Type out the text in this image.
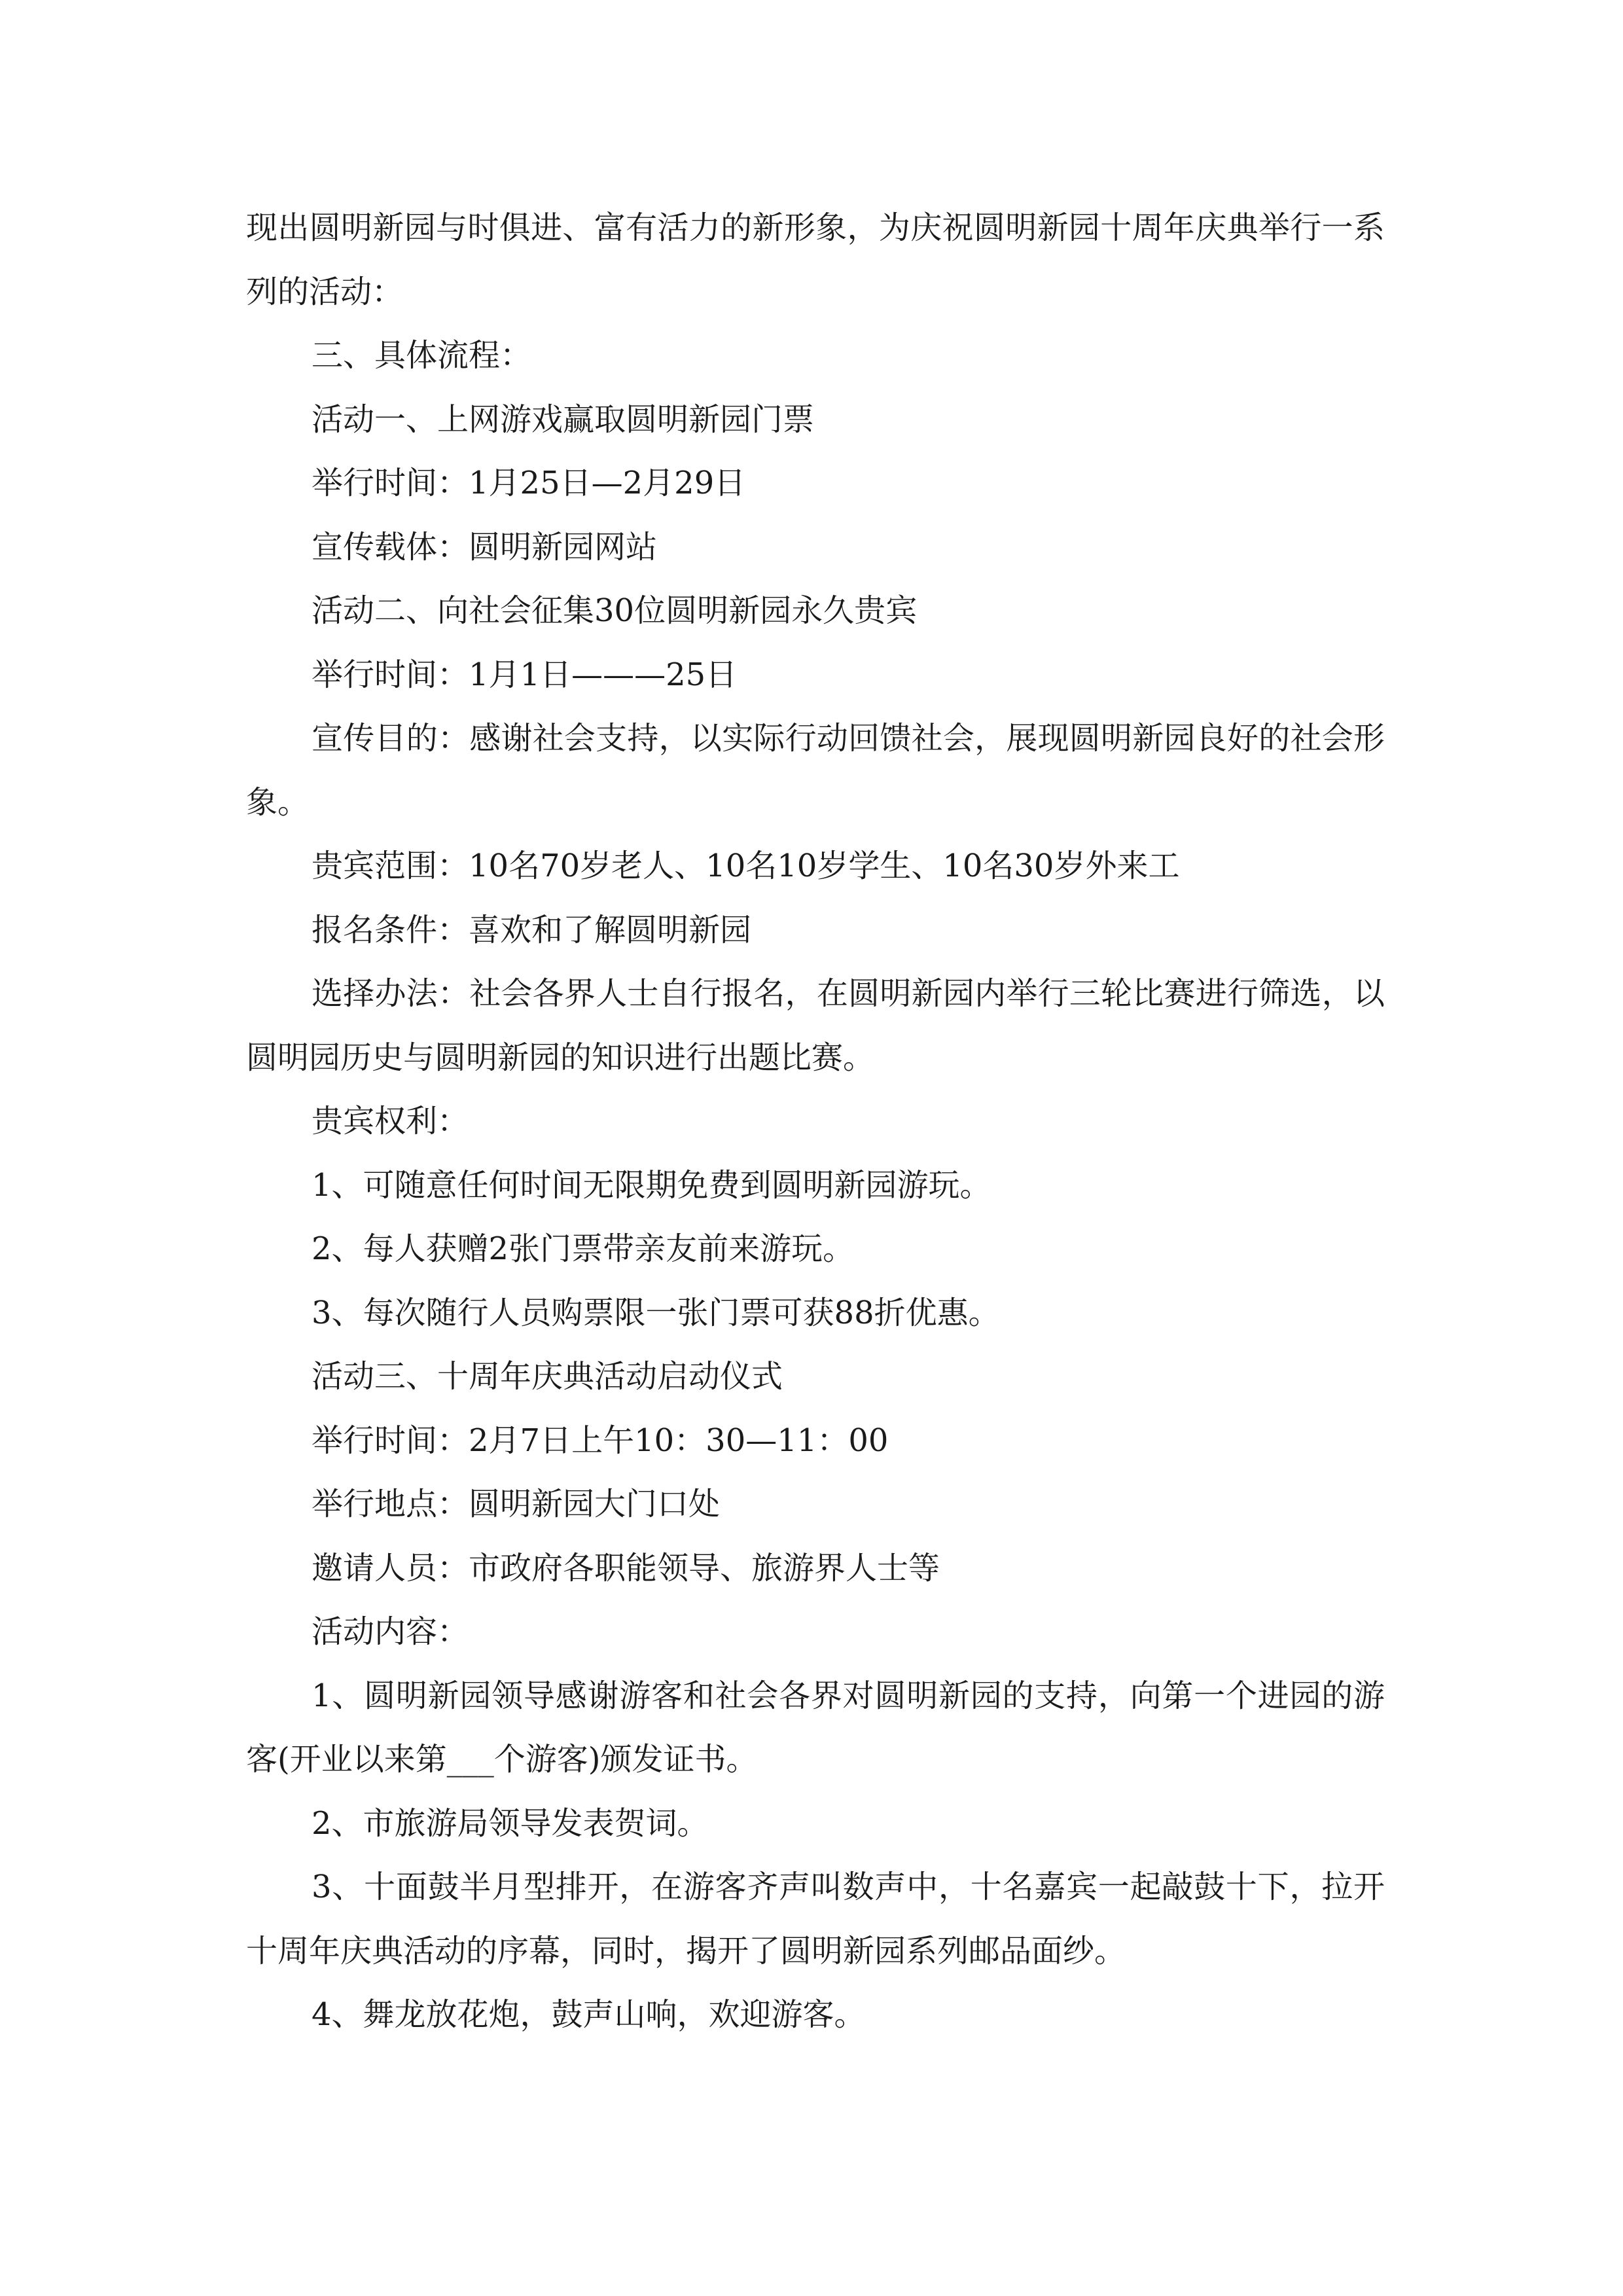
现出圆明新园与时俱进、富有活力的新形象，为庆祝圆明新园十周年庆典举行一系列的活动：

三、具体流程：

活动一、上网游戏赢取圆明新园门票

举行时间：1月25日—2月29日

宣传载体：圆明新园网站

活动二、向社会征集30位圆明新园永久贵宾

举行时间：1月1日———25日

宣传目的：感谢社会支持，以实际行动回馈社会，展现圆明新园良好的社会形象。

贵宾范围：10名70岁老人、10名10岁学生、10名30岁外来工

报名条件：喜欢和了解圆明新园

选择办法：社会各界人士自行报名，在圆明新园内举行三轮比赛进行筛选，以圆明园历史与圆明新园的知识进行出题比赛。

贵宾权利：

1、可随意任何时间无限期免费到圆明新园游玩。

2、每人获赠2张门票带亲友前来游玩。

3、每次随行人员购票限一张门票可获88折优惠。

活动三、十周年庆典活动启动仪式

举行时间：2月7日上午10：30—11：00

举行地点：圆明新园大门口处

邀请人员：市政府各职能领导、旅游界人士等

活动内容：

1、圆明新园领导感谢游客和社会各界对圆明新园的支持，向第一个进园的游客(开业以来第___个游客)颁发证书。

2、市旅游局领导发表贺词。

3、十面鼓半月型排开，在游客齐声叫数声中，十名嘉宾一起敲鼓十下，拉开十周年庆典活动的序幕，同时，揭开了圆明新园系列邮品面纱。

4、舞龙放花炮，鼓声山响，欢迎游客。
